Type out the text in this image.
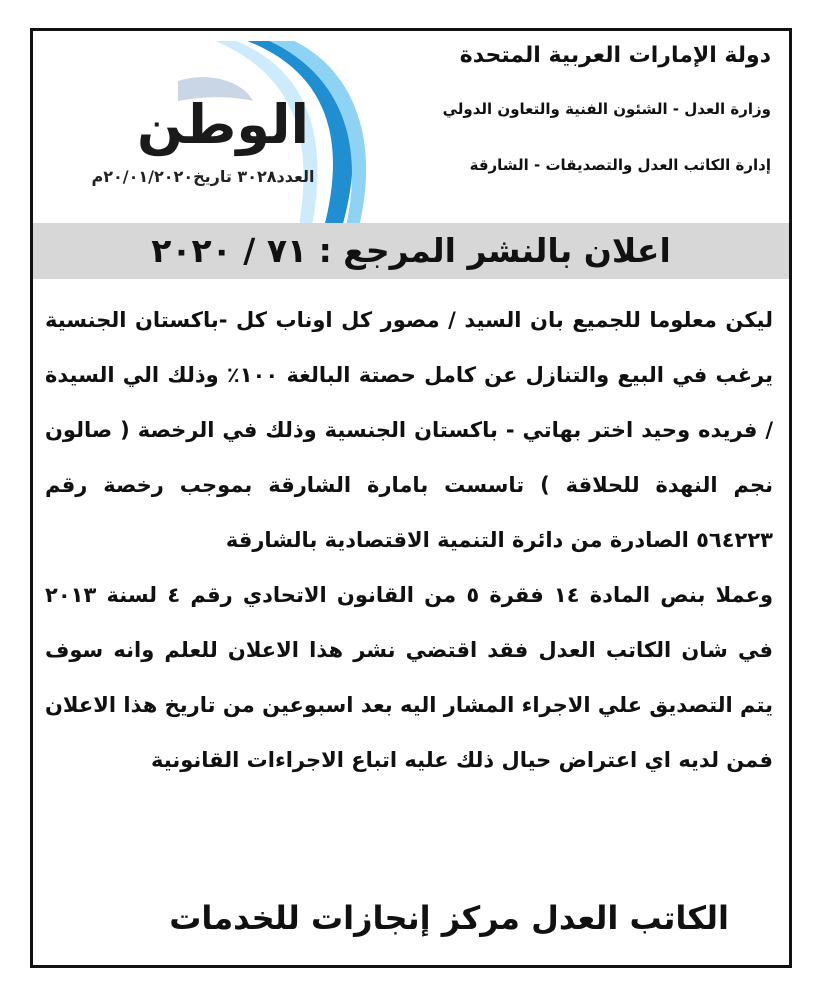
الوطن
العدد٣٠٢٨ تاريخ٢٠/٠١/٢٠٢٠م
دولة الإمارات العربية المتحدة
وزارة العدل - الشئون الفنية والتعاون الدولي
إدارة الكاتب العدل والتصديقات - الشارقة
اعلان بالنشر المرجع : ٧١ / ٢٠٢٠

ليكن معلوما للجميع بان السيد / مصور كل اوناب كل -باكستان الجنسية يرغب في البيع والتنازل عن كامل حصتة البالغة ١٠٠٪ وذلك الي السيدة / فريده وحيد اختر بهاتي - باكستان الجنسية وذلك في الرخصة ( صالون نجم النهدة للحلاقة ) تاسست بامارة الشارقة بموجب رخصة رقم ٥٦٤٢٢٣ الصادرة من دائرة التنمية الاقتصادية بالشارقة

وعملا بنص المادة ١٤ فقرة ٥ من القانون الاتحادي رقم ٤ لسنة ٢٠١٣ في شان الكاتب العدل فقد اقتضي نشر هذا الاعلان للعلم وانه سوف يتم التصديق علي الاجراء المشار اليه بعد اسبوعين من تاريخ هذا الاعلان فمن لديه اي اعتراض حيال ذلك عليه اتباع الاجراءات القانونية

الكاتب العدل مركز إنجازات للخدمات
